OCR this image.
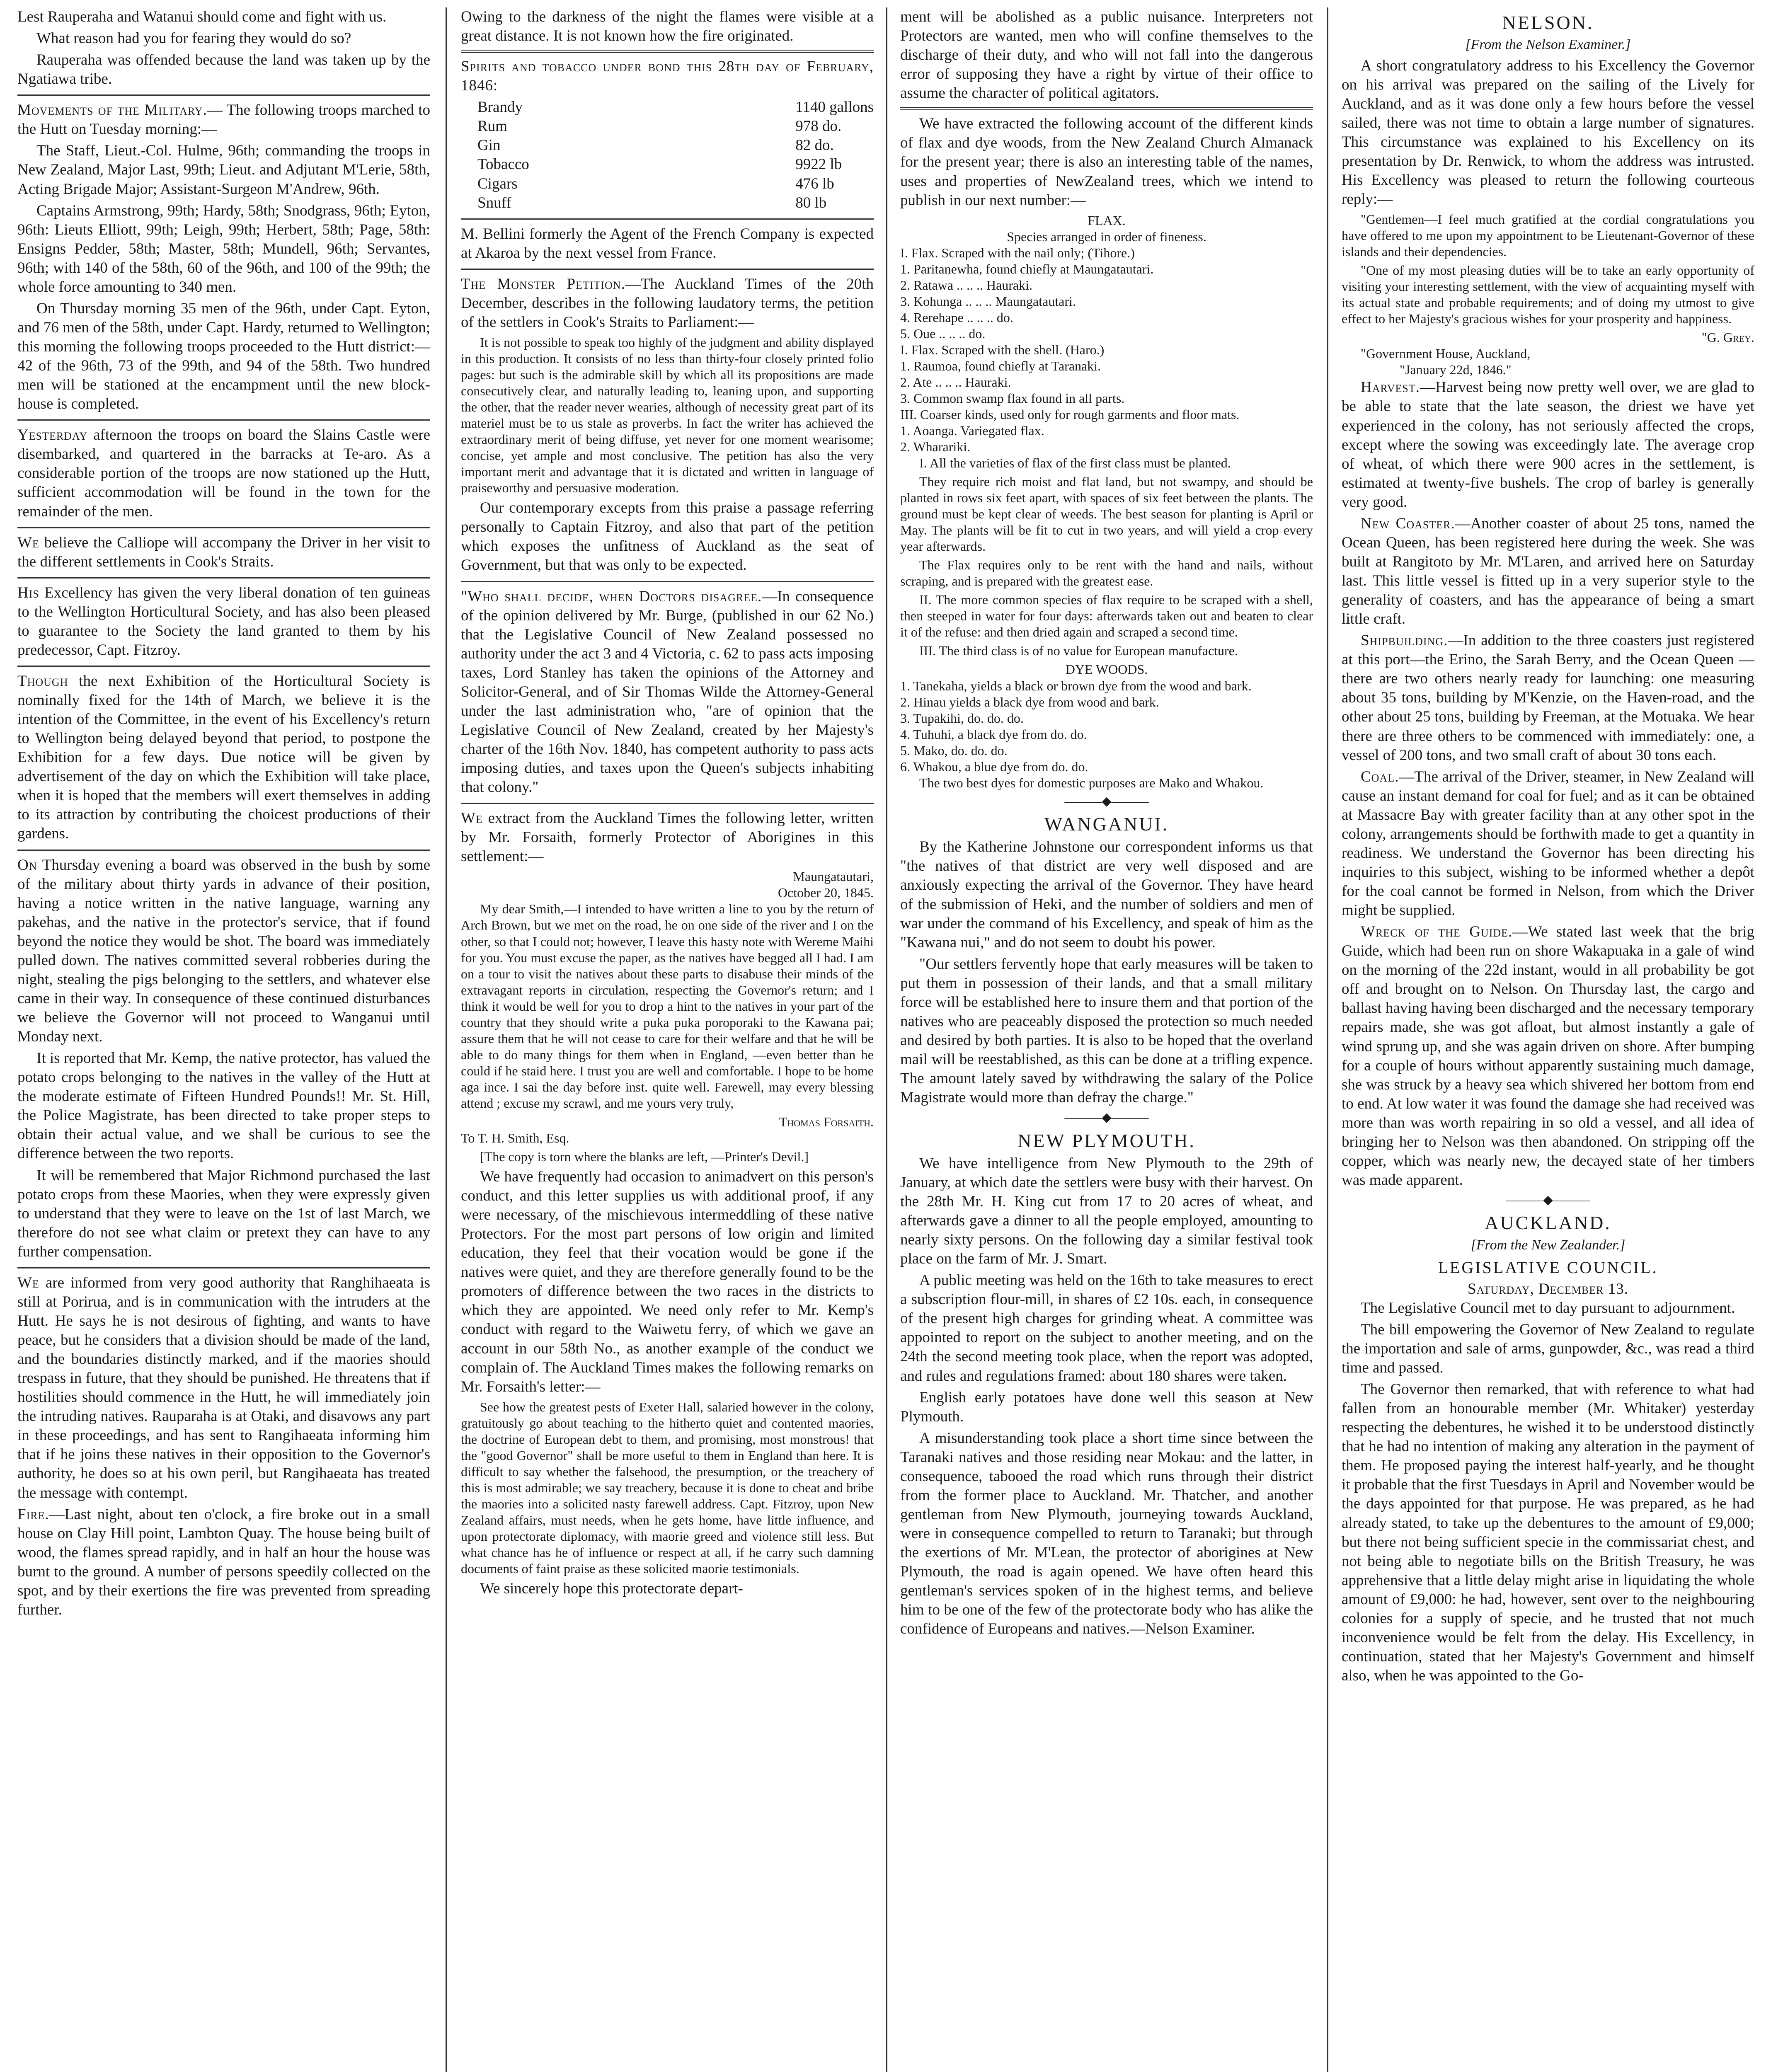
Lest Rauperaha and Watanui should come and fight with us.

What reason had you for fearing they would do so?

Rauperaha was offended because the land was taken up by the Ngatiawa tribe.

Movements of the Military.— The following troops marched to the Hutt on Tuesday morning:—

The Staff, Lieut.-Col. Hulme, 96th; commanding the troops in New Zealand, Major Last, 99th; Lieut. and Adjutant M'Lerie, 58th, Acting Brigade Major; Assistant-Surgeon M'Andrew, 96th.

Captains Armstrong, 99th; Hardy, 58th; Snodgrass, 96th; Eyton, 96th: Lieuts Elliott, 99th; Leigh, 99th; Herbert, 58th; Page, 58th: Ensigns Pedder, 58th; Master, 58th; Mundell, 96th; Servantes, 96th; with 140 of the 58th, 60 of the 96th, and 100 of the 99th; the whole force amounting to 340 men.

On Thursday morning 35 men of the 96th, under Capt. Eyton, and 76 men of the 58th, under Capt. Hardy, returned to Wellington; this morning the following troops proceeded to the Hutt district:—42 of the 96th, 73 of the 99th, and 94 of the 58th. Two hundred men will be stationed at the encampment until the new block-house is completed.

Yesterday afternoon the troops on board the Slains Castle were disembarked, and quartered in the barracks at Te-aro. As a considerable portion of the troops are now stationed up the Hutt, sufficient accommodation will be found in the town for the remainder of the men.

We believe the Calliope will accompany the Driver in her visit to the different settlements in Cook's Straits.

His Excellency has given the very liberal donation of ten guineas to the Wellington Horticultural Society, and has also been pleased to guarantee to the Society the land granted to them by his predecessor, Capt. Fitzroy.

Though the next Exhibition of the Horticultural Society is nominally fixed for the 14th of March, we believe it is the intention of the Committee, in the event of his Excellency's return to Wellington being delayed beyond that period, to postpone the Exhibition for a few days. Due notice will be given by advertisement of the day on which the Exhibition will take place, when it is hoped that the members will exert themselves in adding to its attraction by contributing the choicest productions of their gardens.

On Thursday evening a board was observed in the bush by some of the military about thirty yards in advance of their position, having a notice written in the native language, warning any pakehas, and the native in the protector's service, that if found beyond the notice they would be shot. The board was immediately pulled down. The natives committed several robberies during the night, stealing the pigs belonging to the settlers, and whatever else came in their way. In consequence of these continued disturbances we believe the Governor will not proceed to Wanganui until Monday next.

It is reported that Mr. Kemp, the native protector, has valued the potato crops belonging to the natives in the valley of the Hutt at the moderate estimate of Fifteen Hundred Pounds!! Mr. St. Hill, the Police Magistrate, has been directed to take proper steps to obtain their actual value, and we shall be curious to see the difference between the two reports.

It will be remembered that Major Richmond purchased the last potato crops from these Maories, when they were expressly given to understand that they were to leave on the 1st of last March, we therefore do not see what claim or pretext they can have to any further compensation.

We are informed from very good authority that Ranghihaeata is still at Porirua, and is in communication with the intruders at the Hutt. He says he is not desirous of fighting, and wants to have peace, but he considers that a division should be made of the land, and the boundaries distinctly marked, and if the maories should trespass in future, that they should be punished. He threatens that if hostilities should commence in the Hutt, he will immediately join the intruding natives. Rauparaha is at Otaki, and disavows any part in these proceedings, and has sent to Rangihaeata informing him that if he joins these natives in their opposition to the Governor's authority, he does so at his own peril, but Rangihaeata has treated the message with contempt.

Fire.—Last night, about ten o'clock, a fire broke out in a small house on Clay Hill point, Lambton Quay. The house being built of wood, the flames spread rapidly, and in half an hour the house was burnt to the ground. A number of persons speedily collected on the spot, and by their exertions the fire was prevented from spreading further.

Owing to the darkness of the night the flames were visible at a great distance. It is not known how the fire originated.

Spirits and tobacco under bond this 28th day of February, 1846:

Brandy	1140 gallons
Rum	978 do.
Gin	82 do.
Tobacco	9922 lb
Cigars	476 lb
Snuff	80 lb

M. Bellini formerly the Agent of the French Company is expected at Akaroa by the next vessel from France.

The Monster Petition.—The Auckland Times of the 20th December, describes in the following laudatory terms, the petition of the settlers in Cook's Straits to Parliament:—

It is not possible to speak too highly of the judgment and ability displayed in this production. It consists of no less than thirty-four closely printed folio pages: but such is the admirable skill by which all its propositions are made consecutively clear, and naturally leading to, leaning upon, and supporting the other, that the reader never wearies, although of necessity great part of its materiel must be to us stale as proverbs. In fact the writer has achieved the extraordinary merit of being diffuse, yet never for one moment wearisome; concise, yet ample and most conclusive. The petition has also the very important merit and advantage that it is dictated and written in language of praiseworthy and persuasive moderation.

Our contemporary excepts from this praise a passage referring personally to Captain Fitzroy, and also that part of the petition which exposes the unfitness of Auckland as the seat of Government, but that was only to be expected.

"Who shall decide, when Doctors disagree.—In consequence of the opinion delivered by Mr. Burge, (published in our 62 No.) that the Legislative Council of New Zealand possessed no authority under the act 3 and 4 Victoria, c. 62 to pass acts imposing taxes, Lord Stanley has taken the opinions of the Attorney and Solicitor-General, and of Sir Thomas Wilde the Attorney-General under the last administration who, "are of opinion that the Legislative Council of New Zealand, created by her Majesty's charter of the 16th Nov. 1840, has competent authority to pass acts imposing duties, and taxes upon the Queen's subjects inhabiting that colony."

We extract from the Auckland Times the following letter, written by Mr. Forsaith, formerly Protector of Aborigines in this settlement:—

Maungatautari,
October 20, 1845.

My dear Smith,—I intended to have written a line to you by the return of Arch Brown, but we met on the road, he on one side of the river and I on the other, so that I could not; however, I leave this hasty note with Wereme Maihi for you. You must excuse the paper, as the natives have begged all I had. I am on a tour to visit the natives about these parts to disabuse their minds of the extravagant reports in circulation, respecting the Governor's return; and I think it would be well for you to drop a hint to the natives in your part of the country that they should write a puka puka poroporaki to the Kawana pai; assure them that he will not cease to care for their welfare and that he will be able to do many things for them when in England, —even better than he could if he staid here. I trust you are well and comfortable. I hope to be home aga ince. I sai the day before inst. quite well. Farewell, may every blessing attend ; excuse my scrawl, and me yours very truly,

Thomas Forsaith.

To T. H. Smith, Esq.

[The copy is torn where the blanks are left, —Printer's Devil.]

We have frequently had occasion to animadvert on this person's conduct, and this letter supplies us with additional proof, if any were necessary, of the mischievous intermeddling of these native Protectors. For the most part persons of low origin and limited education, they feel that their vocation would be gone if the natives were quiet, and they are therefore generally found to be the promoters of difference between the two races in the districts to which they are appointed. We need only refer to Mr. Kemp's conduct with regard to the Waiwetu ferry, of which we gave an account in our 58th No., as another example of the conduct we complain of. The Auckland Times makes the following remarks on Mr. Forsaith's letter:—

See how the greatest pests of Exeter Hall, salaried however in the colony, gratuitously go about teaching to the hitherto quiet and contented maories, the doctrine of European debt to them, and promising, most monstrous! that the "good Governor" shall be more useful to them in England than here. It is difficult to say whether the falsehood, the presumption, or the treachery of this is most admirable; we say treachery, because it is done to cheat and bribe the maories into a solicited nasty farewell address. Capt. Fitzroy, upon New Zealand affairs, must needs, when he gets home, have little influence, and upon protectorate diplomacy, with maorie greed and violence still less. But what chance has he of influence or respect at all, if he carry such damning documents of faint praise as these solicited maorie testimonials.

We sincerely hope this protectorate depart-

ment will be abolished as a public nuisance. Interpreters not Protectors are wanted, men who will confine themselves to the discharge of their duty, and who will not fall into the dangerous error of supposing they have a right by virtue of their office to assume the character of political agitators.

We have extracted the following account of the different kinds of flax and dye woods, from the New Zealand Church Almanack for the present year; there is also an interesting table of the names, uses and properties of NewZealand trees, which we intend to publish in our next number:—

FLAX.
Species arranged in order of fineness.
I. Flax. Scraped with the nail only; (Tihore.)
1. Paritanewha, found chiefly at Maungatautari.
2. Ratawa .. .. .. Hauraki.
3. Kohunga .. .. .. Maungatautari.
4. Rerehape .. .. .. do.
5. Oue .. .. .. do.
I. Flax. Scraped with the shell. (Haro.)
1. Raumoa, found chiefly at Taranaki.
2. Ate .. .. .. Hauraki.
3. Common swamp flax found in all parts.
III. Coarser kinds, used only for rough garments and floor mats.
1. Aoanga. Variegated flax.
2. Wharariki.

I. All the varieties of flax of the first class must be planted.

They require rich moist and flat land, but not swampy, and should be planted in rows six feet apart, with spaces of six feet between the plants. The ground must be kept clear of weeds. The best season for planting is April or May. The plants will be fit to cut in two years, and will yield a crop every year afterwards.

The Flax requires only to be rent with the hand and nails, without scraping, and is prepared with the greatest ease.

II. The more common species of flax require to be scraped with a shell, then steeped in water for four days: afterwards taken out and beaten to clear it of the refuse: and then dried again and scraped a second time.

III. The third class is of no value for European manufacture.

DYE WOODS.
1. Tanekaha, yields a black or brown dye from the wood and bark.
2. Hinau yields a black dye from wood and bark.
3. Tupakihi, do. do. do.
4. Tuhuhi, a black dye from do. do.
5. Mako, do. do. do.
6. Whakou, a blue dye from do. do.

The two best dyes for domestic purposes are Mako and Whakou.

———◆———
WANGANUI.

By the Katherine Johnstone our correspondent informs us that "the natives of that district are very well disposed and are anxiously expecting the arrival of the Governor. They have heard of the submission of Heki, and the number of soldiers and men of war under the command of his Excellency, and speak of him as the "Kawana nui," and do not seem to doubt his power.

"Our settlers fervently hope that early measures will be taken to put them in possession of their lands, and that a small military force will be established here to insure them and that portion of the natives who are peaceably disposed the protection so much needed and desired by both parties. It is also to be hoped that the overland mail will be reestablished, as this can be done at a trifling expence. The amount lately saved by withdrawing the salary of the Police Magistrate would more than defray the charge."

———◆———
NEW PLYMOUTH.

We have intelligence from New Plymouth to the 29th of January, at which date the settlers were busy with their harvest. On the 28th Mr. H. King cut from 17 to 20 acres of wheat, and afterwards gave a dinner to all the people employed, amounting to nearly sixty persons. On the following day a similar festival took place on the farm of Mr. J. Smart.

A public meeting was held on the 16th to take measures to erect a subscription flour-mill, in shares of £2 10s. each, in consequence of the present high charges for grinding wheat. A committee was appointed to report on the subject to another meeting, and on the 24th the second meeting took place, when the report was adopted, and rules and regulations framed: about 180 shares were taken.

English early potatoes have done well this season at New Plymouth.

A misunderstanding took place a short time since between the Taranaki natives and those residing near Mokau: and the latter, in consequence, tabooed the road which runs through their district from the former place to Auckland. Mr. Thatcher, and another gentleman from New Plymouth, journeying towards Auckland, were in consequence compelled to return to Taranaki; but through the exertions of Mr. M'Lean, the protector of aborigines at New Plymouth, the road is again opened. We have often heard this gentleman's services spoken of in the highest terms, and believe him to be one of the few of the protectorate body who has alike the confidence of Europeans and natives.—Nelson Examiner.

NELSON.
[From the Nelson Examiner.]

A short congratulatory address to his Excellency the Governor on his arrival was prepared on the sailing of the Lively for Auckland, and as it was done only a few hours before the vessel sailed, there was not time to obtain a large number of signatures. This circumstance was explained to his Excellency on its presentation by Dr. Renwick, to whom the address was intrusted. His Excellency was pleased to return the following courteous reply:—

"Gentlemen—I feel much gratified at the cordial congratulations you have offered to me upon my appointment to be Lieutenant-Governor of these islands and their dependencies.

"One of my most pleasing duties will be to take an early opportunity of visiting your interesting settlement, with the view of acquainting myself with its actual state and probable requirements; and of doing my utmost to give effect to her Majesty's gracious wishes for your prosperity and happiness.

"G. Grey.
"Government House, Auckland,
"January 22d, 1846."

Harvest.—Harvest being now pretty well over, we are glad to be able to state that the late season, the driest we have yet experienced in the colony, has not seriously affected the crops, except where the sowing was exceedingly late. The average crop of wheat, of which there were 900 acres in the settlement, is estimated at twenty-five bushels. The crop of barley is generally very good.

New Coaster.—Another coaster of about 25 tons, named the Ocean Queen, has been registered here during the week. She was built at Rangitoto by Mr. M'Laren, and arrived here on Saturday last. This little vessel is fitted up in a very superior style to the generality of coasters, and has the appearance of being a smart little craft.

Shipbuilding.—In addition to the three coasters just registered at this port—the Erino, the Sarah Berry, and the Ocean Queen —there are two others nearly ready for launching: one measuring about 35 tons, building by M'Kenzie, on the Haven-road, and the other about 25 tons, building by Freeman, at the Motuaka. We hear there are three others to be commenced with immediately: one, a vessel of 200 tons, and two small craft of about 30 tons each.

Coal.—The arrival of the Driver, steamer, in New Zealand will cause an instant demand for coal for fuel; and as it can be obtained at Massacre Bay with greater facility than at any other spot in the colony, arrangements should be forthwith made to get a quantity in readiness. We understand the Governor has been directing his inquiries to this subject, wishing to be informed whether a depôt for the coal cannot be formed in Nelson, from which the Driver might be supplied.

Wreck of the Guide.—We stated last week that the brig Guide, which had been run on shore Wakapuaka in a gale of wind on the morning of the 22d instant, would in all probability be got off and brought on to Nelson. On Thursday last, the cargo and ballast having having been discharged and the necessary temporary repairs made, she was got afloat, but almost instantly a gale of wind sprung up, and she was again driven on shore. After bumping for a couple of hours without apparently sustaining much damage, she was struck by a heavy sea which shivered her bottom from end to end. At low water it was found the damage she had received was more than was worth repairing in so old a vessel, and all idea of bringing her to Nelson was then abandoned. On stripping off the copper, which was nearly new, the decayed state of her timbers was made apparent.

———◆———
AUCKLAND.
[From the New Zealander.]
LEGISLATIVE COUNCIL.
Saturday, December 13.

The Legislative Council met to day pursuant to adjournment.

The bill empowering the Governor of New Zealand to regulate the importation and sale of arms, gunpowder, &c., was read a third time and passed.

The Governor then remarked, that with reference to what had fallen from an honourable member (Mr. Whitaker) yesterday respecting the debentures, he wished it to be understood distinctly that he had no intention of making any alteration in the payment of them. He proposed paying the interest half-yearly, and he thought it probable that the first Tuesdays in April and November would be the days appointed for that purpose. He was prepared, as he had already stated, to take up the debentures to the amount of £9,000; but there not being sufficient specie in the commissariat chest, and not being able to negotiate bills on the British Treasury, he was apprehensive that a little delay might arise in liquidating the whole amount of £9,000: he had, however, sent over to the neighbouring colonies for a supply of specie, and he trusted that not much inconvenience would be felt from the delay. His Excellency, in continuation, stated that her Majesty's Government and himself also, when he was appointed to the Go-
